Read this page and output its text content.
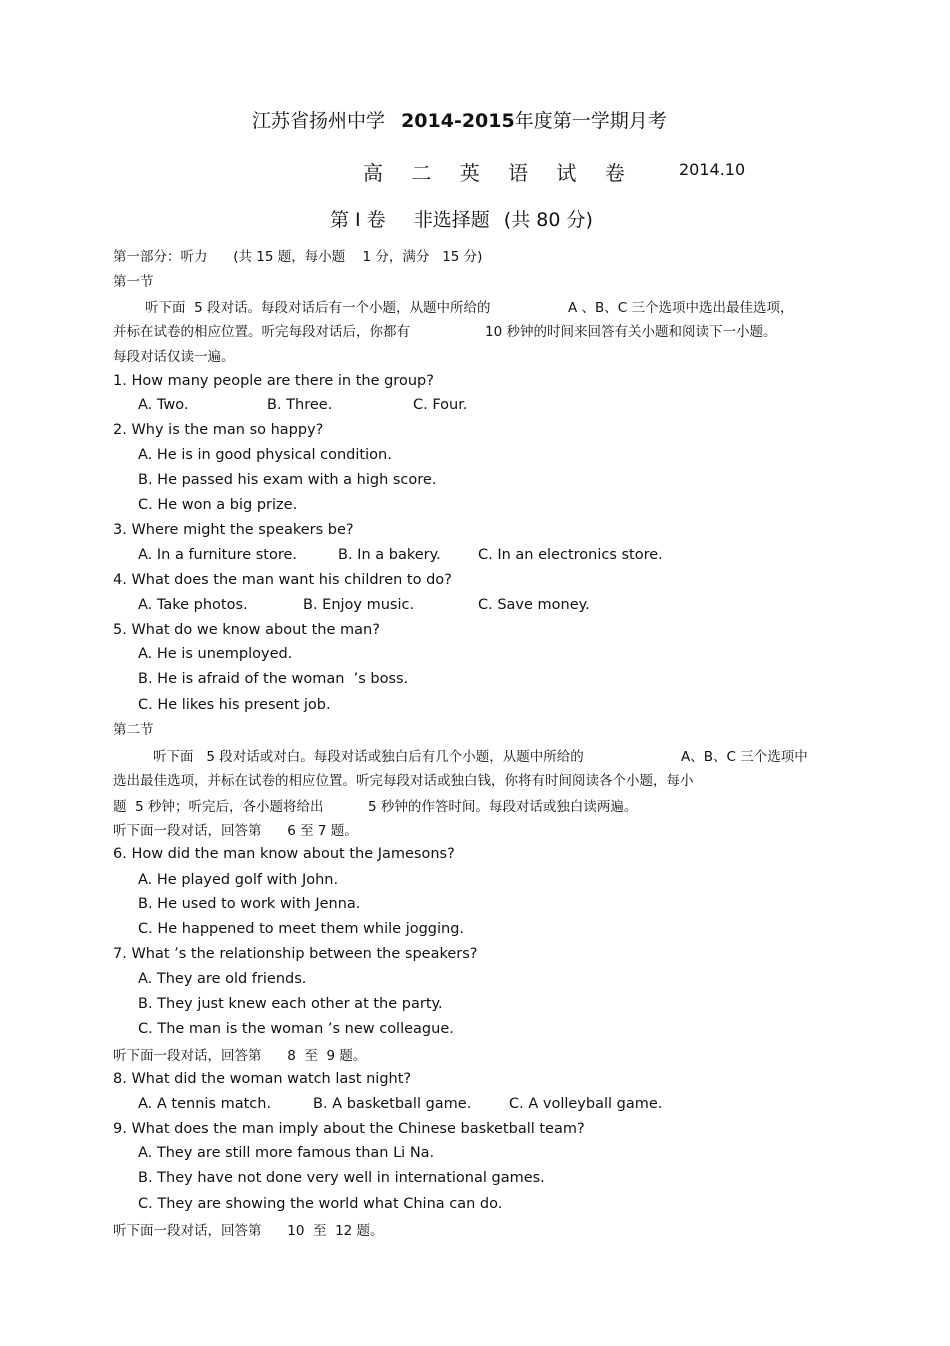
江苏省扬州中学 2014-2015年度第一学期月考
高 二 英 语 试 卷	2014.10
第 I 卷 非选择题 (共 80 分)
第一部分：听力      (共 15 题，每小题    1 分，满分   15 分)
第一节
听下面  5 段对话。每段对话后有一个小题，从题中所给的	A 、B、C 三个选项中选出最佳选项，
并标在试卷的相应位置。听完每段对话后，你都有	10 秒钟的时间来回答有关小题和阅读下一小题。
每段对话仅读一遍。
1. How many people are there in the group?
A. Two.	B. Three.	C. Four.
2. Why is the man so happy?
A. He is in good physical condition.
B. He passed his exam with a high score.
C. He won a big prize.
3. Where might the speakers be?
A. In a furniture store.	B. In a bakery.	C. In an electronics store.
4. What does the man want his children to do?
A. Take photos.	B. Enjoy music.	C. Save money.
5. What do we know about the man?
A. He is unemployed.
B. He is afraid of the woman  ’s boss.
C. He likes his present job.
第二节
听下面   5 段对话或对白。每段对话或独白后有几个小题，从题中所给的	A、B、C 三个选项中
选出最佳选项，并标在试卷的相应位置。听完每段对话或独白钱，你将有时间阅读各个小题，每小
题  5 秒钟；听完后，各小题将给出	5 秒钟的作答时间。每段对话或独白读两遍。
听下面一段对话，回答第      6 至 7 题。
6. How did the man know about the Jamesons?
A. He played golf with John.
B. He used to work with Jenna.
C. He happened to meet them while jogging.
7. What ’s the relationship between the speakers?
A. They are old friends.
B. They just knew each other at the party.
C. The man is the woman ’s new colleague.
听下面一段对话，回答第      8  至  9 题。
8. What did the woman watch last night?
A. A tennis match.	B. A basketball game.	C. A volleyball game.
9. What does the man imply about the Chinese basketball team?
A. They are still more famous than Li Na.
B. They have not done very well in international games.
C. They are showing the world what China can do.
听下面一段对话，回答第      10  至  12 题。
